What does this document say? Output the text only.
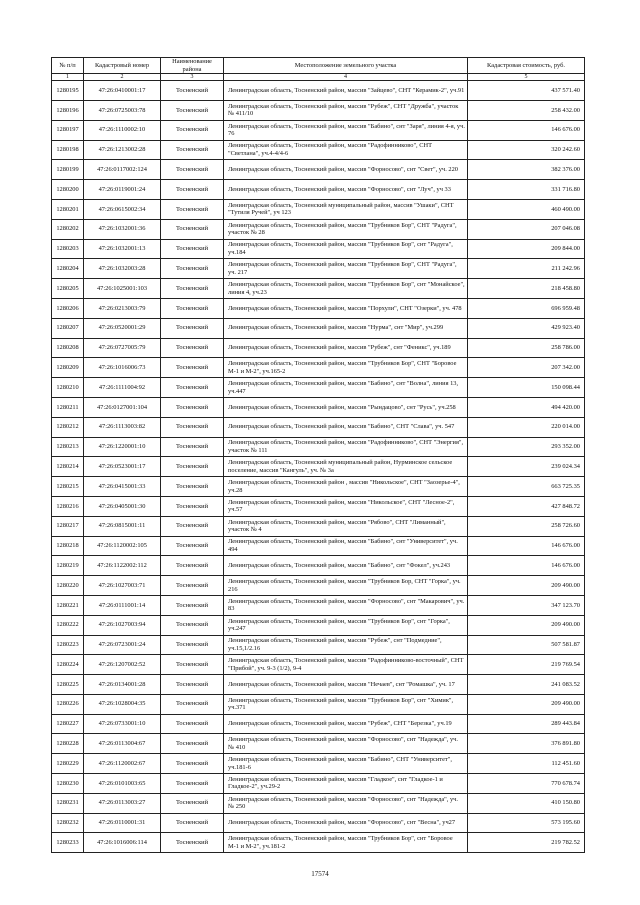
№ п/п	Кадастровый номер	Наименование района	Местоположение земельного участка	Кадастровая стоимость, руб.
1	2	3	4	5
1280195	47:26:0410001:17	Тосненский	Ленинградская область, Тосненский район, массив "Зайцево", СНТ "Керамик-2", уч.91	437 571.40
1280196	47:26:0725003:78	Тосненский	Ленинградская область, Тосненский район, массив "Рубеж", СНТ "Дружба", участок № 411/10	258 432.00
1280197	47:26:1110002:10	Тосненский	Ленинградская область, Тосненский район, массив "Бабино", снт "Заря", линия 4-я, уч. 76	146 676.00
1280198	47:26:1213002:28	Тосненский	Ленинградская область, Тосненский район, массив "Радофинниково", СНТ "Светлана", уч.4-4/4-6	320 242.60
1280199	47:26:0117002:124	Тосненский	Ленинградская область, Тосненский район, массив "Форносово", снт "Свет", уч. 220	382 376.00
1280200	47:26:0119001:24	Тосненский	Ленинградская область, Тосненский район, массив "Форносово", снт "Луч", уч 33	331 716.80
1280201	47:26:0615002:34	Тосненский	Ленинградская область, Тосненский муниципальный район, массив "Ушаки", СНТ "Тутиля Ручей", уч 123	460 490.00
1280202	47:26:1032001:36	Тосненский	Ленинградская область, Тосненский район, массив "Трубников Бор", СНТ "Радуга", участок № 28	207 046.08
1280203	47:26:1032001:13	Тосненский	Ленинградская область, Тосненский район, массив "Трубников Бор", снт "Радуга", уч.184	209 844.00
1280204	47:26:1032003:28	Тосненский	Ленинградская область, Тосненский район, массив "Трубников Бор", СНТ "Радуга", уч. 217	211 242.96
1280205	47:26:1025001:103	Тосненский	Ленинградская область, Тосненский район, массив "Трубников Бор", снт "Монайское", линия 4, уч.23	218 458.80
1280206	47:26:0213003:79	Тосненский	Ленинградская область, Тосненский район, массив "Порхули", СНТ "Озерки", уч. 478	696 959.48
1280207	47:26:0520001:29	Тосненский	Ленинградская область, Тосненский район, массив "Нурма", снт "Мир", уч.299	429 923.40
1280208	47:26:0727005:79	Тосненский	Ленинградская область, Тосненский район, массив "Рубеж", снт "Феникс", уч.189	258 786.00
1280209	47:26:1016006:73	Тосненский	Ленинградская область, Тосненский район, массив "Трубников Бор", СНТ "Боровое М-1 и М-2", уч.165-2	207 342.00
1280210	47:26:1111004:92	Тосненский	Ленинградская область, Тосненский район, массив "Бабино", снт "Волна", линия 13, уч.447	150 098.44
1280211	47:26:0127001:104	Тосненский	Ленинградская область, Тосненский район, массив "Рындацово", снт "Русь", уч.258	494 420.00
1280212	47:26:1113003:82	Тосненский	Ленинградская область, Тосненский район, массив "Бабино", СНТ "Слава", уч. 547	220 014.00
1280213	47:26:1220001:10	Тосненский	Ленинградская область, Тосненский район, массив "Радофинниково", СНТ "Энергия", участок № 111	293 352.00
1280214	47:26:0523001:17	Тосненский	Ленинградская область, Тосненский муниципальный район, Нурминское сельское поселение, массив "Кангуль", уч. № 3а	239 024.34
1280215	47:26:0415001:33	Тосненский	Ленинградская область, Тосненский район , массив "Никольское", СНТ "Заозерье-4", уч.28	663 725.35
1280216	47:26:0405001:30	Тосненский	Ленинградская область, Тосненский район, массив "Никольское", СНТ "Лесное-2", уч.57	427 848.72
1280217	47:26:0815001:11	Тосненский	Ленинградская область, Тосненский район, массив "Рябово", СНТ "Лиманный", участок № 4	258 726.60
1280218	47:26:1120002:105	Тосненский	Ленинградская область, Тосненский район, массив "Бабино", снт "Университет", уч. 494	146 676.00
1280219	47:26:1122002:112	Тосненский	Ленинградская область, Тосненский район, массив "Бабино", снт "Фокел", уч.243	146 676.00
1280220	47:26:1027003:71	Тосненский	Ленинградская область, Тосненский район, массив "Трубников Бор, СНТ "Горка", уч. 216	209 490.00
1280221	47:26:0111001:14	Тосненский	Ленинградская область, Тосненский район, массив "Форносово", снт "Макарович", уч. 83	347 123.70
1280222	47:26:1027003:94	Тосненский	Ленинградская область, Тосненский район, массив "Трубников Бор", снт "Горка", уч.247	209 490.00
1280223	47:26:0723001:24	Тосненский	Ленинградская область, Тосненский район, массив "Рубеж", снт "Подмедние", уч.15,1/2.16	507 581.87
1280224	47:26:1207002:52	Тосненский	Ленинградская область, Тосненский район, массив "Радофинниково-восточный", СНТ "Прибой", уч. 9-3 (1/2), 9-4	219 769.54
1280225	47:26:0134001:28	Тосненский	Ленинградская область, Тосненский район, массив "Нечаев", снт "Ромашка", уч. 17	241 083.52
1280226	47:26:1028004:35	Тосненский	Ленинградская область, Тосненский район, массив "Трубников Бор", снт "Химик", уч.371	209 490.00
1280227	47:26:0733001:10	Тосненский	Ленинградская область, Тосненский район, массив "Рубеж", СНТ "Березка", уч.19	289 443.84
1280228	47:26:0113004:67	Тосненский	Ленинградская область, Тосненский район, массив "Форносово", снт "Надежда", уч. № 410	376 891.80
1280229	47:26:1120002:67	Тосненский	Ленинградская область, Тосненский район, массив "Бабино", СНТ "Университет", уч.181-6	112 451.60
1280230	47:26:0101003:65	Тосненский	Ленинградская область, Тосненский район, массив "Гладкое", снт "Гладкое-1 и Гладкое-2", уч.29-2	770 678.74
1280231	47:26:0113003:27	Тосненский	Ленинградская область, Тосненский район, массив "Форносово", снт "Надежда", уч. № 250	410 150.80
1280232	47:26:0110001:31	Тосненский	Ленинградская область, Тосненский район, массив "Форносово", снт "Весна", уч27	573 195.60
1280233	47:26:1016006:114	Тосненский	Ленинградская область, Тосненский район, массив "Трубников Бор", снт "Боровое М-1 и М-2", уч.181-2	219 782.52
17574
